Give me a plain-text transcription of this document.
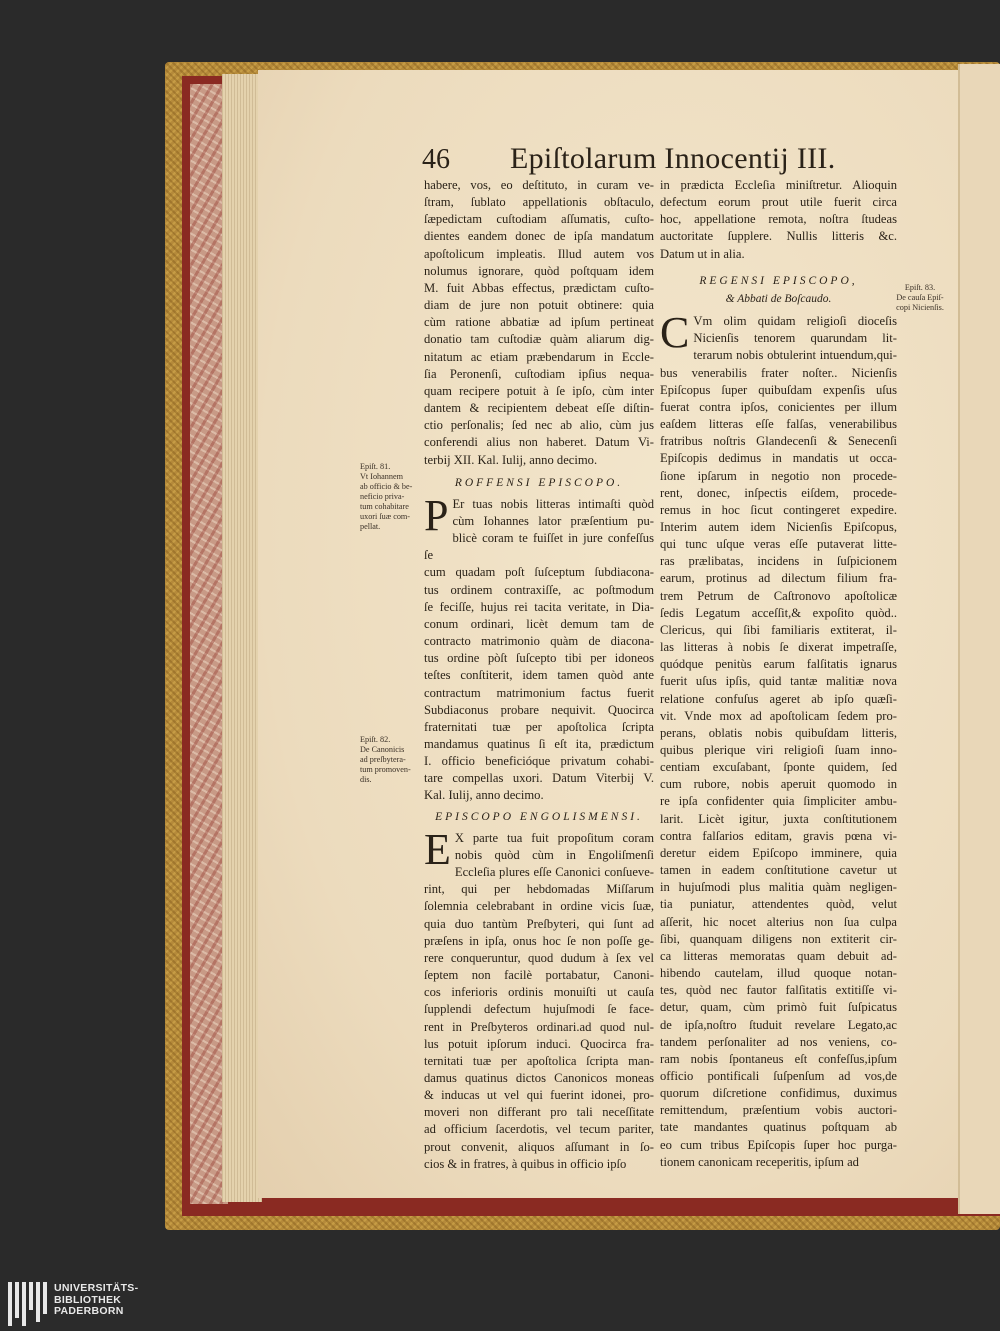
46 Epiſtolarum Innocentij III.
habere, vos, eo deſtituto, in curam ve-
ſtram, ſublato appellationis obſtaculo,
ſæpedictam cuſtodiam aſſumatis, cuſto-
dientes eandem donec de ipſa mandatum
apoſtolicum impleatis. Illud autem vos
nolumus ignorare, quòd poſtquam idem
M. fuit Abbas effectus, prædictam cuſto-
diam de jure non potuit obtinere: quia
cùm ratione abbatiæ ad ipſum pertineat
donatio tam cuſtodiæ quàm aliarum dig-
nitatum ac etiam præbendarum in Eccle-
ſia Peronenſi, cuſtodiam ipſius nequa-
quam recipere potuit à ſe ipſo, cùm inter
dantem & recipientem debeat eſſe diſtin-
ctio perſonalis; ſed nec ab alio, cùm jus
conferendi alius non haberet. Datum Vi-
terbij XII. Kal. Iulij, anno decimo.

ROFFENSI EPISCOPO.

P Er tuas nobis litteras intimaſti quòd
cùm Iohannes lator præſentium pu-
blicè coram te fuiſſet in jure confeſſus ſe
cum quadam poſt ſuſceptum ſubdiacona-
tus ordinem contraxiſſe, ac poſtmodum
ſe feciſſe, hujus rei tacita veritate, in Dia-
conum ordinari, licèt demum tam de
contracto matrimonio quàm de diacona-
tus ordine pòſt ſuſcepto tibi per idoneos
teſtes conſtiterit, idem tamen quòd ante
contractum matrimonium factus fuerit
Subdiaconus probare nequivit. Quocirca
fraternitati tuæ per apoſtolica ſcripta
mandamus quatinus ſi eſt ita, prædictum
I. officio beneficióque privatum cohabi-
tare compellas uxori. Datum Viterbij V.
Kal. Iulij, anno decimo.

EPISCOPO ENGOLISMENSI.

E X parte tua fuit propoſitum coram
nobis quòd cùm in Engoliſmenſi
Eccleſia plures eſſe Canonici conſueve-
rint, qui per hebdomadas Miſſarum
ſolemnia celebrabant in ordine vicis ſuæ,
quia duo tantùm Preſbyteri, qui ſunt ad
præſens in ipſa, onus hoc ſe non poſſe ge-
rere conqueruntur, quod dudum à ſex vel
ſeptem non facilè portabatur, Canoni-
cos inferioris ordinis monuiſti ut cauſa
ſupplendi defectum hujuſmodi ſe facе-
rent in Preſbyteros ordinari.ad quod nul-
lus potuit ipſorum induci. Quocirca fra-
ternitati tuæ per apoſtolica ſcripta man-
damus quatinus dictos Canonicos moneas
& inducas ut vel qui fuerint idonei, pro-
moveri non differant pro tali neceſſitate
ad officium ſacerdotis, vel tecum pariter,
prout convenit, aliquos aſſumant in ſo-
cios & in fratres, à quibus in officio ipſo
in prædicta Eccleſia miniſtretur. Alioquin
defectum eorum prout utile fuerit circa
hoc, appellatione remota, noſtra ſtudeas
auctoritate ſupplere. Nullis litteris &c.
Datum ut in alia.

REGENSI EPISCOPO,

& Abbati de Boſcaudo.

C Vm olim quidam religioſi dioceſis
Nicienſis tenorem quarundam lit-
terarum nobis obtulerint intuendum,qui-
bus venerabilis frater noſter.. Nicienſis
Epiſcopus ſuper quibuſdam expenſis uſus
fuerat contra ipſos, conicientes per illum
eaſdem litteras eſſe falſas, venerabilibus
fratribus noſtris Glandecenſi & Senecenſi
Epiſcopis dedimus in mandatis ut occa-
ſione ipſarum in negotio non procede-
rent, donec, inſpectis eiſdem, procede-
remus in hoc ſicut contingeret expedire.
Interim autem idem Nicienſis Epiſcopus,
qui tunc uſque veras eſſe putaverat litte-
ras prælibatas, incidens in ſuſpicionem
earum, protinus ad dilectum filium fra-
trem Petrum de Caſtronovo apoſtolicæ
ſedis Legatum acceſſit,& expoſito quòd..
Clericus, qui ſibi familiaris extiterat, il-
las litteras à nobis ſe dixerat impetraſſe,
quódque penitùs earum falſitatis ignarus
fuerit uſus ipſis, quid tantæ malitiæ nova
relatione confuſus ageret ab ipſo quæſi-
vit. Vnde mox ad apoſtolicam ſedem pro-
perans, oblatis nobis quibuſdam litteris,
quibus plerique viri religioſi ſuam inno-
centiam excuſabant, ſponte quidem, ſed
cum rubore, nobis aperuit quomodo in
re ipſa confidenter quia ſimpliciter ambu-
larit. Licèt igitur, juxta conſtitutionem
contra falſarios editam, gravis pœna vi-
deretur eidem Epiſcopo imminere, quia
tamen in eadem conſtitutione cavetur ut
in hujuſmodi plus malitia quàm negligen-
tia puniatur, attendentes quòd, velut
aſſerit, hic nocet alterius non ſua culpa
ſibi, quanquam diligens non extiterit cir-
ca litteras memoratas quam debuit ad-
hibendo cautelam, illud quoque notan-
tes, quòd nec fautor falſitatis extitiſſe vi-
detur, quam, cùm primò fuit ſuſpicatus
de ipſa,noſtro ſtuduit revelare Legato,ac
tandem perſonaliter ad nos veniens, co-
ram nobis ſpontaneus eſt confeſſus,ipſum
officio pontificali ſuſpenſum ad vos,de
quorum diſcretione confidimus, duximus
remittendum, præſentium vobis auctori-
tate mandantes quatinus poſtquam ab
eo cum tribus Epiſcopis ſuper hoc purga-
tionem canonicam receperitis, ipſum ad
Epiſt. 81.
Vt Iohannem
ab officio & be-
neficio priva-
tum cohabitare
uxori ſuæ com-
pellat.
Epiſt. 82.
De Canonicis
ad preſbytera-
tum promoven-
dis.
Epiſt. 83.
De cauſa Epiſ-
copi Nicienſis.
UNIVERSITÄTS-
BIBLIOTHEK
PADERBORN
